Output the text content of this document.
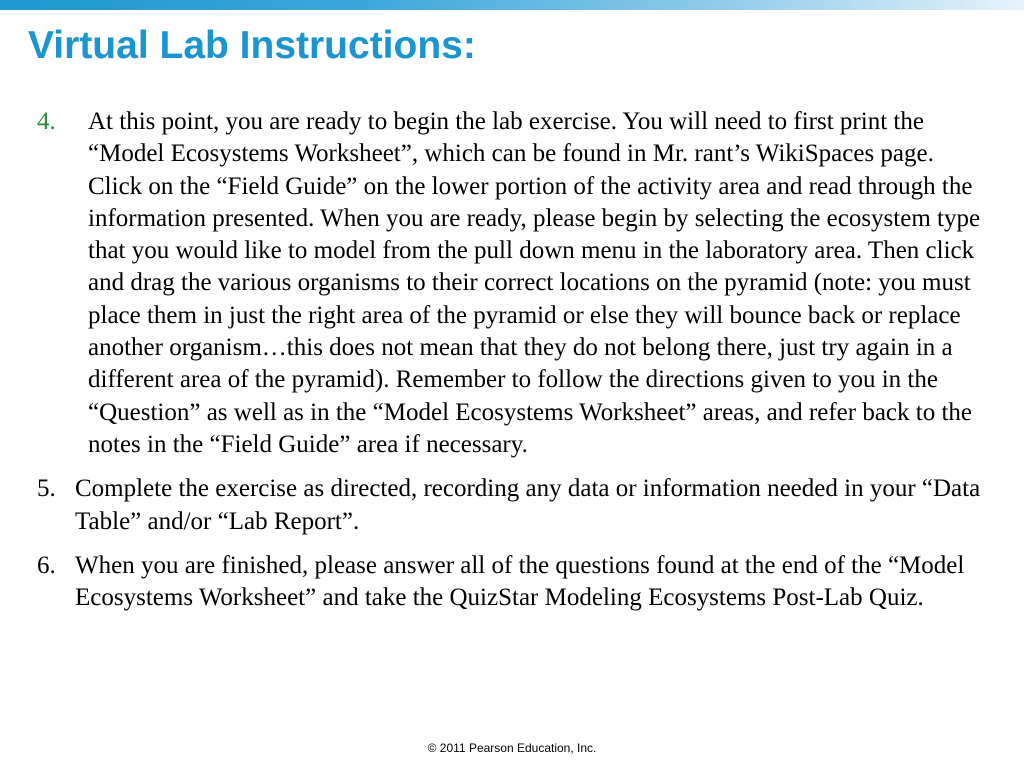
Virtual Lab Instructions:
4. At this point, you are ready to begin the lab exercise. You will need to first print the “Model Ecosystems Worksheet”, which can be found in Mr. rant’s WikiSpaces page. Click on the “Field Guide” on the lower portion of the activity area and read through the information presented. When you are ready, please begin by selecting the ecosystem type that you would like to model from the pull down menu in the laboratory area. Then click and drag the various organisms to their correct locations on the pyramid (note: you must place them in just the right area of the pyramid or else they will bounce back or replace another organism…this does not mean that they do not belong there, just try again in a different area of the pyramid). Remember to follow the directions given to you in the “Question” as well as in the “Model Ecosystems Worksheet” areas, and refer back to the notes in the “Field Guide” area if necessary.
5. Complete the exercise as directed, recording any data or information needed in your “Data Table” and/or “Lab Report”.
6. When you are finished, please answer all of the questions found at the end of the “Model Ecosystems Worksheet” and take the QuizStar Modeling Ecosystems Post-Lab Quiz.
© 2011 Pearson Education, Inc.
